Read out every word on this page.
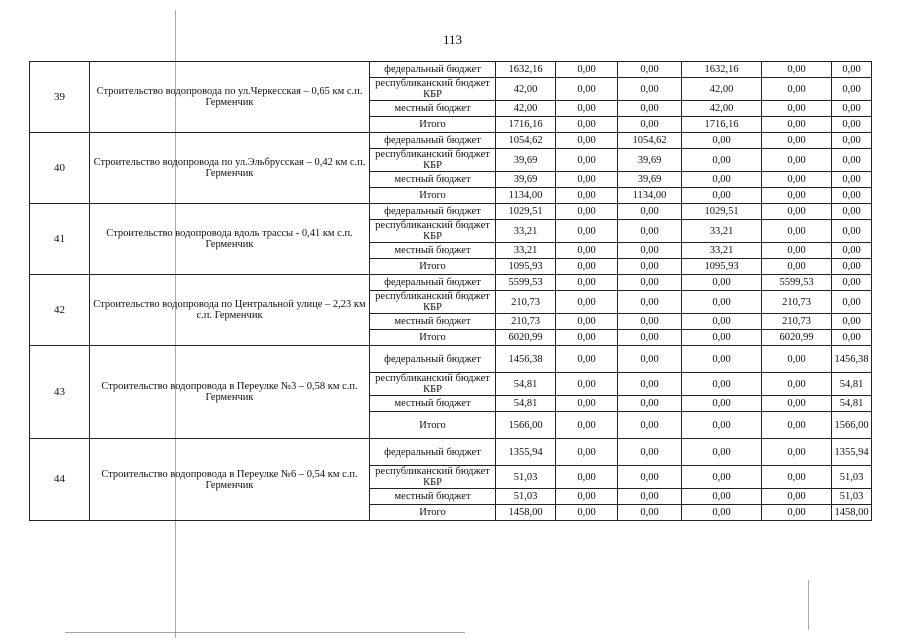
113
39	Строительство водопровода по ул.Черкесская – 0,65 км с.п. Герменчик	федеральный бюджет	1632,16	0,00	0,00	1632,16	0,00	0,00
		республиканский бюджет КБР	42,00	0,00	0,00	42,00	0,00	0,00
		местный бюджет	42,00	0,00	0,00	42,00	0,00	0,00
		Итого	1716,16	0,00	0,00	1716,16	0,00	0,00
40	Строительство водопровода по ул.Эльбрусская – 0,42 км с.п. Герменчик	федеральный бюджет	1054,62	0,00	1054,62	0,00	0,00	0,00
		республиканский бюджет КБР	39,69	0,00	39,69	0,00	0,00	0,00
		местный бюджет	39,69	0,00	39,69	0,00	0,00	0,00
		Итого	1134,00	0,00	1134,00	0,00	0,00	0,00
41	Строительство водопровода вдоль трассы - 0,41 км с.п. Герменчик	федеральный бюджет	1029,51	0,00	0,00	1029,51	0,00	0,00
		республиканский бюджет КБР	33,21	0,00	0,00	33,21	0,00	0,00
		местный бюджет	33,21	0,00	0,00	33,21	0,00	0,00
		Итого	1095,93	0,00	0,00	1095,93	0,00	0,00
42	Строительство водопровода по Центральной улице – 2,23 км с.п. Герменчик	федеральный бюджет	5599,53	0,00	0,00	0,00	5599,53	0,00
		республиканский бюджет КБР	210,73	0,00	0,00	0,00	210,73	0,00
		местный бюджет	210,73	0,00	0,00	0,00	210,73	0,00
		Итого	6020,99	0,00	0,00	0,00	6020,99	0,00
43	Строительство водопровода в Переулке №3 – 0,58 км с.п. Герменчик	федеральный бюджет	1456,38	0,00	0,00	0,00	0,00	1456,38
		республиканский бюджет КБР	54,81	0,00	0,00	0,00	0,00	54,81
		местный бюджет	54,81	0,00	0,00	0,00	0,00	54,81
		Итого	1566,00	0,00	0,00	0,00	0,00	1566,00
44	Строительство водопровода в Переулке №6 – 0,54 км с.п. Герменчик	федеральный бюджет	1355,94	0,00	0,00	0,00	0,00	1355,94
		республиканский бюджет КБР	51,03	0,00	0,00	0,00	0,00	51,03
		местный бюджет	51,03	0,00	0,00	0,00	0,00	51,03
		Итого	1458,00	0,00	0,00	0,00	0,00	1458,00
